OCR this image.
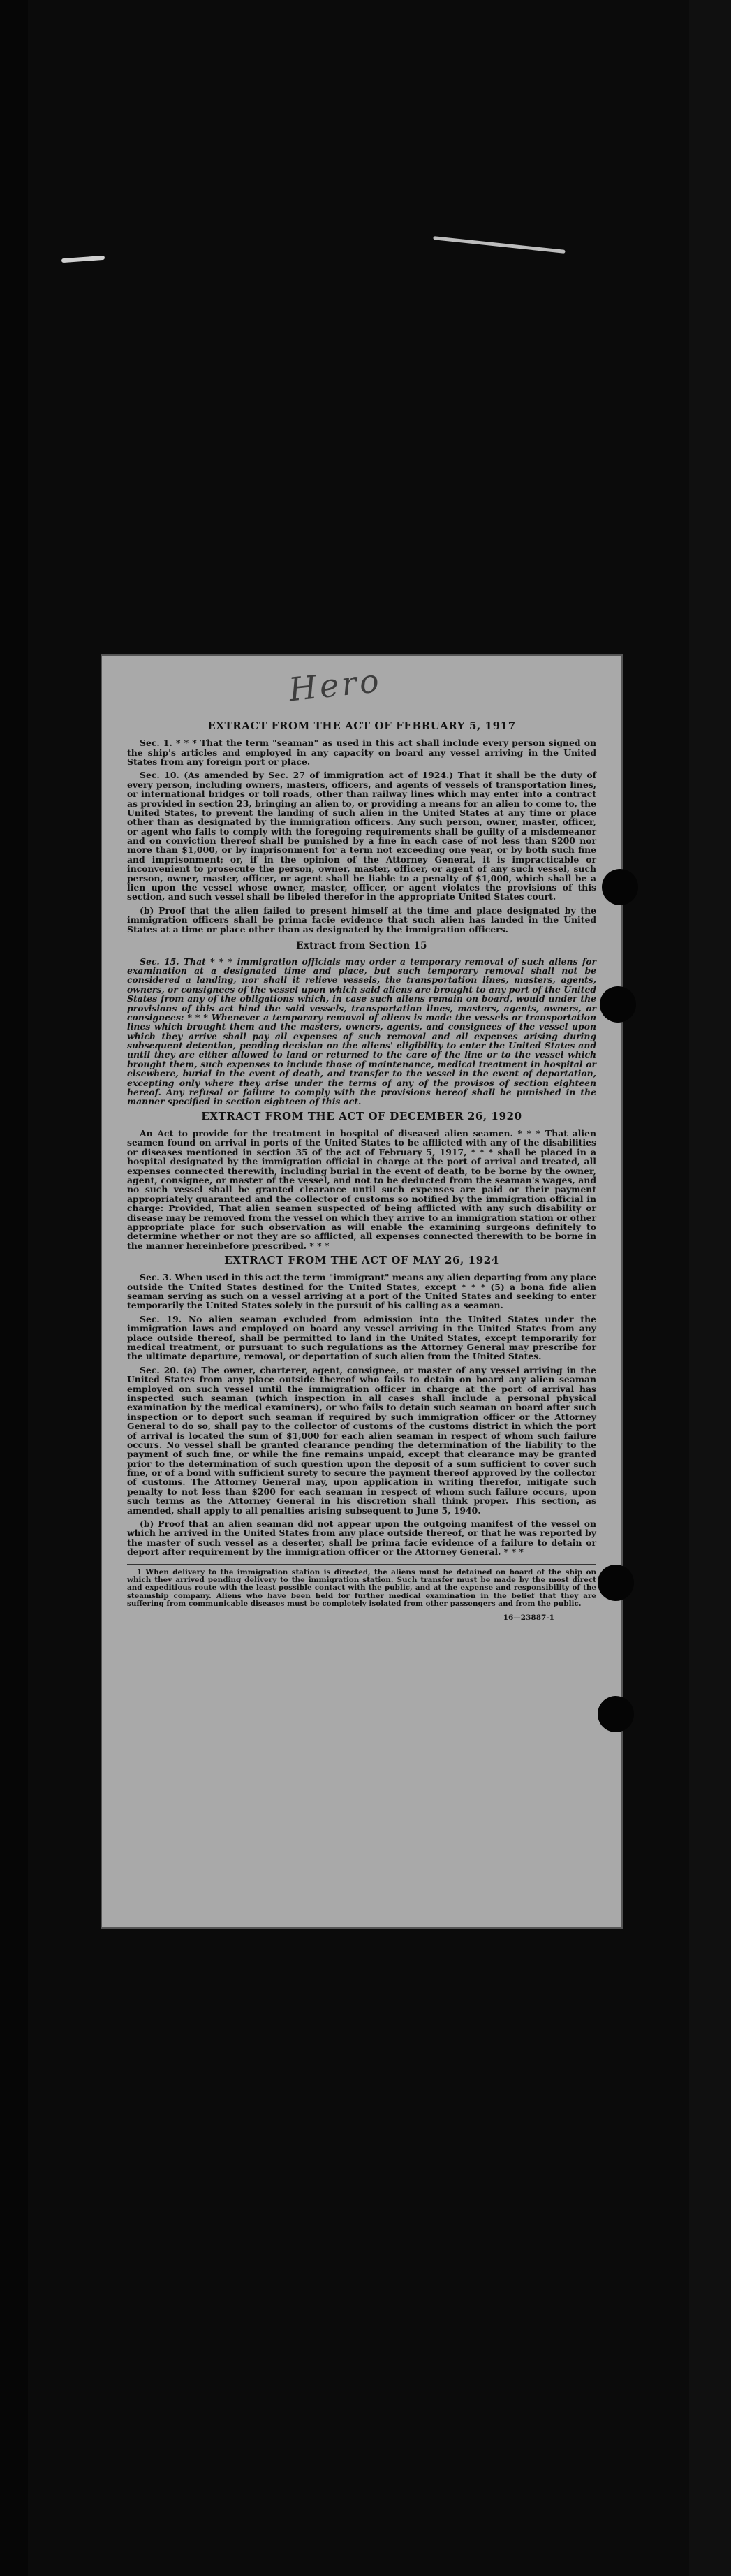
Hero
EXTRACT FROM THE ACT OF FEBRUARY 5, 1917

Sec. 1. * * * That the term "seaman" as used in this act shall include every person signed on the ship's articles and employed in any capacity on board any vessel arriving in the United States from any foreign port or place.

Sec. 10. (As amended by Sec. 27 of immigration act of 1924.) That it shall be the duty of every person, including owners, masters, officers, and agents of vessels of transportation lines, or international bridges or toll roads, other than railway lines which may enter into a contract as provided in section 23, bringing an alien to, or providing a means for an alien to come to, the United States, to prevent the landing of such alien in the United States at any time or place other than as designated by the immigration officers. Any such person, owner, master, officer, or agent who fails to comply with the foregoing requirements shall be guilty of a misdemeanor and on conviction thereof shall be punished by a fine in each case of not less than $200 nor more than $1,000, or by imprisonment for a term not exceeding one year, or by both such fine and imprisonment; or, if in the opinion of the Attorney General, it is impracticable or inconvenient to prosecute the person, owner, master, officer, or agent of any such vessel, such person, owner, master, officer, or agent shall be liable to a penalty of $1,000, which shall be a lien upon the vessel whose owner, master, officer, or agent violates the provisions of this section, and such vessel shall be libeled therefor in the appropriate United States court.

(b) Proof that the alien failed to present himself at the time and place designated by the immigration officers shall be prima facie evidence that such alien has landed in the United States at a time or place other than as designated by the immigration officers.

Extract from Section 15

Sec. 15. That * * * immigration officials may order a temporary removal of such aliens for examination at a designated time and place, but such temporary removal shall not be considered a landing, nor shall it relieve vessels, the transportation lines, masters, agents, owners, or consignees of the vessel upon which said aliens are brought to any port of the United States from any of the obligations which, in case such aliens remain on board, would under the provisions of this act bind the said vessels, transportation lines, masters, agents, owners, or consignees: * * * Whenever a temporary removal of aliens is made the vessels or transportation lines which brought them and the masters, owners, agents, and consignees of the vessel upon which they arrive shall pay all expenses of such removal and all expenses arising during subsequent detention, pending decision on the aliens' eligibility to enter the United States and until they are either allowed to land or returned to the care of the line or to the vessel which brought them, such expenses to include those of maintenance, medical treatment in hospital or elsewhere, burial in the event of death, and transfer to the vessel in the event of deportation, excepting only where they arise under the terms of any of the provisos of section eighteen hereof. Any refusal or failure to comply with the provisions hereof shall be punished in the manner specified in section eighteen of this act.

EXTRACT FROM THE ACT OF DECEMBER 26, 1920

An Act to provide for the treatment in hospital of diseased alien seamen. * * * That alien seamen found on arrival in ports of the United States to be afflicted with any of the disabilities or diseases mentioned in section 35 of the act of February 5, 1917, * * * shall be placed in a hospital designated by the immigration official in charge at the port of arrival and treated, all expenses connected therewith, including burial in the event of death, to be borne by the owner, agent, consignee, or master of the vessel, and not to be deducted from the seaman's wages, and no such vessel shall be granted clearance until such expenses are paid or their payment appropriately guaranteed and the collector of customs so notified by the immigration official in charge: Provided, That alien seamen suspected of being afflicted with any such disability or disease may be removed from the vessel on which they arrive to an immigration station or other appropriate place for such observation as will enable the examining surgeons definitely to determine whether or not they are so afflicted, all expenses connected therewith to be borne in the manner hereinbefore prescribed. * * *

EXTRACT FROM THE ACT OF MAY 26, 1924

Sec. 3. When used in this act the term "immigrant" means any alien departing from any place outside the United States destined for the United States, except * * * (5) a bona fide alien seaman serving as such on a vessel arriving at a port of the United States and seeking to enter temporarily the United States solely in the pursuit of his calling as a seaman.

Sec. 19. No alien seaman excluded from admission into the United States under the immigration laws and employed on board any vessel arriving in the United States from any place outside thereof, shall be permitted to land in the United States, except temporarily for medical treatment, or pursuant to such regulations as the Attorney General may prescribe for the ultimate departure, removal, or deportation of such alien from the United States.

Sec. 20. (a) The owner, charterer, agent, consignee, or master of any vessel arriving in the United States from any place outside thereof who fails to detain on board any alien seaman employed on such vessel until the immigration officer in charge at the port of arrival has inspected such seaman (which inspection in all cases shall include a personal physical examination by the medical examiners), or who fails to detain such seaman on board after such inspection or to deport such seaman if required by such immigration officer or the Attorney General to do so, shall pay to the collector of customs of the customs district in which the port of arrival is located the sum of $1,000 for each alien seaman in respect of whom such failure occurs. No vessel shall be granted clearance pending the determination of the liability to the payment of such fine, or while the fine remains unpaid, except that clearance may be granted prior to the determination of such question upon the deposit of a sum sufficient to cover such fine, or of a bond with sufficient surety to secure the payment thereof approved by the collector of customs. The Attorney General may, upon application in writing therefor, mitigate such penalty to not less than $200 for each seaman in respect of whom such failure occurs, upon such terms as the Attorney General in his discretion shall think proper. This section, as amended, shall apply to all penalties arising subsequent to June 5, 1940.

(b) Proof that an alien seaman did not appear upon the outgoing manifest of the vessel on which he arrived in the United States from any place outside thereof, or that he was reported by the master of such vessel as a deserter, shall be prima facie evidence of a failure to detain or deport after requirement by the immigration officer or the Attorney General. * * *

1 When delivery to the immigration station is directed, the aliens must be detained on board of the ship on which they arrived pending delivery to the immigration station. Such transfer must be made by the most direct and expeditious route with the least possible contact with the public, and at the expense and responsibility of the steamship company. Aliens who have been held for further medical examination in the belief that they are suffering from communicable diseases must be completely isolated from other passengers and from the public.

16—23887-1
